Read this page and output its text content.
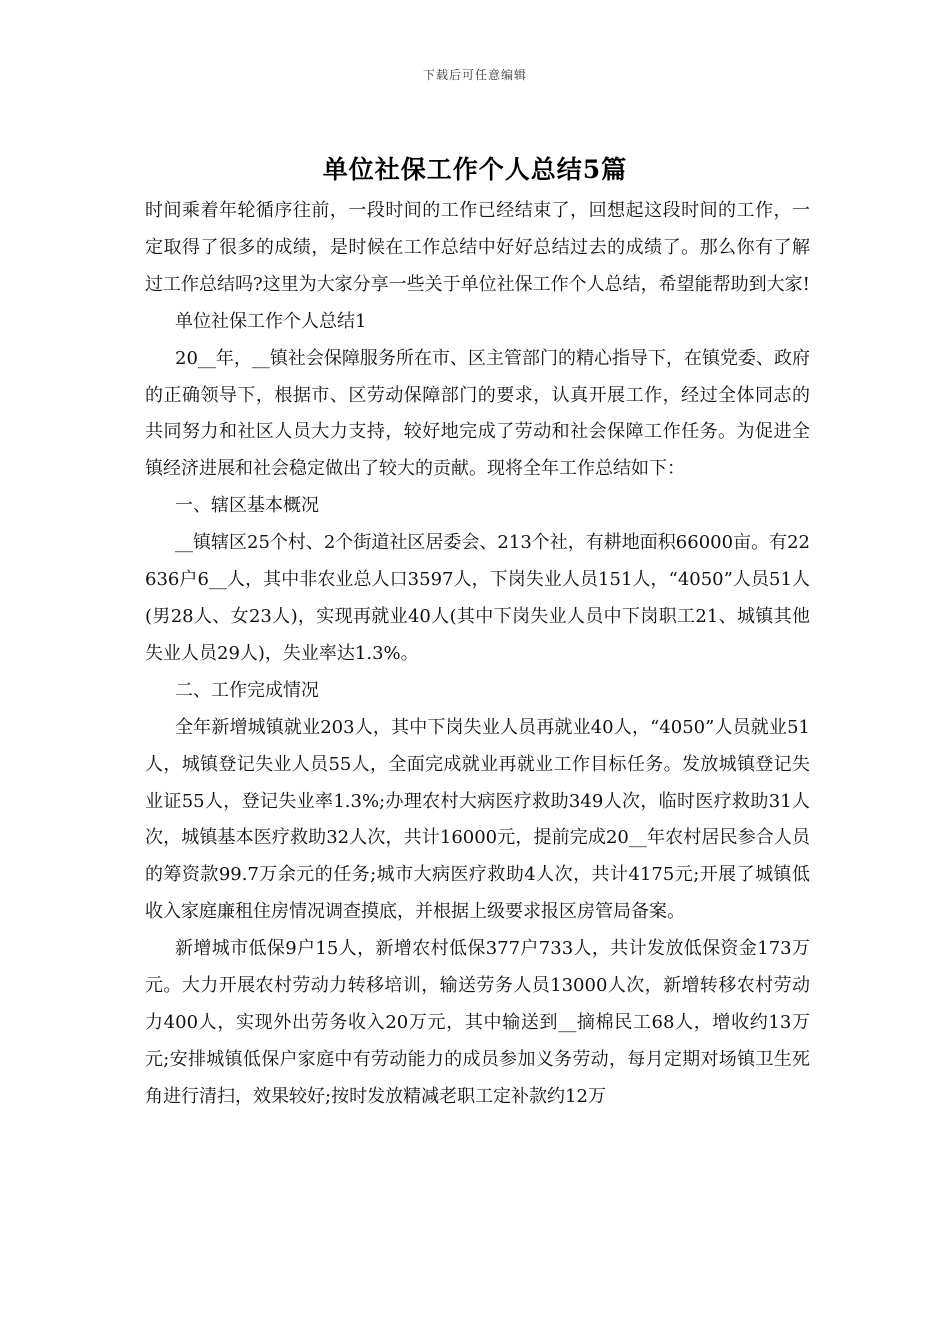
下载后可任意编辑
单位社保工作个人总结5篇

时间乘着年轮循序往前，一段时间的工作已经结束了，回想起这段时间的工作，一定取得了很多的成绩，是时候在工作总结中好好总结过去的成绩了。那么你有了解过工作总结吗?这里为大家分享一些关于单位社保工作个人总结，希望能帮助到大家!

单位社保工作个人总结1

20__年，__镇社会保障服务所在市、区主管部门的精心指导下，在镇党委、政府的正确领导下，根据市、区劳动保障部门的要求，认真开展工作，经过全体同志的共同努力和社区人员大力支持，较好地完成了劳动和社会保障工作任务。为促进全镇经济进展和社会稳定做出了较大的贡献。现将全年工作总结如下：

一、辖区基本概况

__镇辖区25个村、2个街道社区居委会、213个社，有耕地面积66000亩。有22636户6__人，其中非农业总人口3597人，下岗失业人员151人，“4050”人员51人(男28人、女23人)，实现再就业40人(其中下岗失业人员中下岗职工21、城镇其他失业人员29人)，失业率达1.3%。

二、工作完成情况

全年新增城镇就业203人，其中下岗失业人员再就业40人，“4050”人员就业51人，城镇登记失业人员55人，全面完成就业再就业工作目标任务。发放城镇登记失业证55人，登记失业率1.3%;办理农村大病医疗救助349人次，临时医疗救助31人次，城镇基本医疗救助32人次，共计16000元，提前完成20__年农村居民参合人员的筹资款99.7万余元的任务;城市大病医疗救助4人次，共计4175元;开展了城镇低收入家庭廉租住房情况调查摸底，并根据上级要求报区房管局备案。

新增城市低保9户15人，新增农村低保377户733人，共计发放低保资金173万元。大力开展农村劳动力转移培训，输送劳务人员13000人次，新增转移农村劳动力400人，实现外出劳务收入20万元，其中输送到__摘棉民工68人，增收约13万元;安排城镇低保户家庭中有劳动能力的成员参加义务劳动，每月定期对场镇卫生死角进行清扫，效果较好;按时发放精减老职工定补款约12万
